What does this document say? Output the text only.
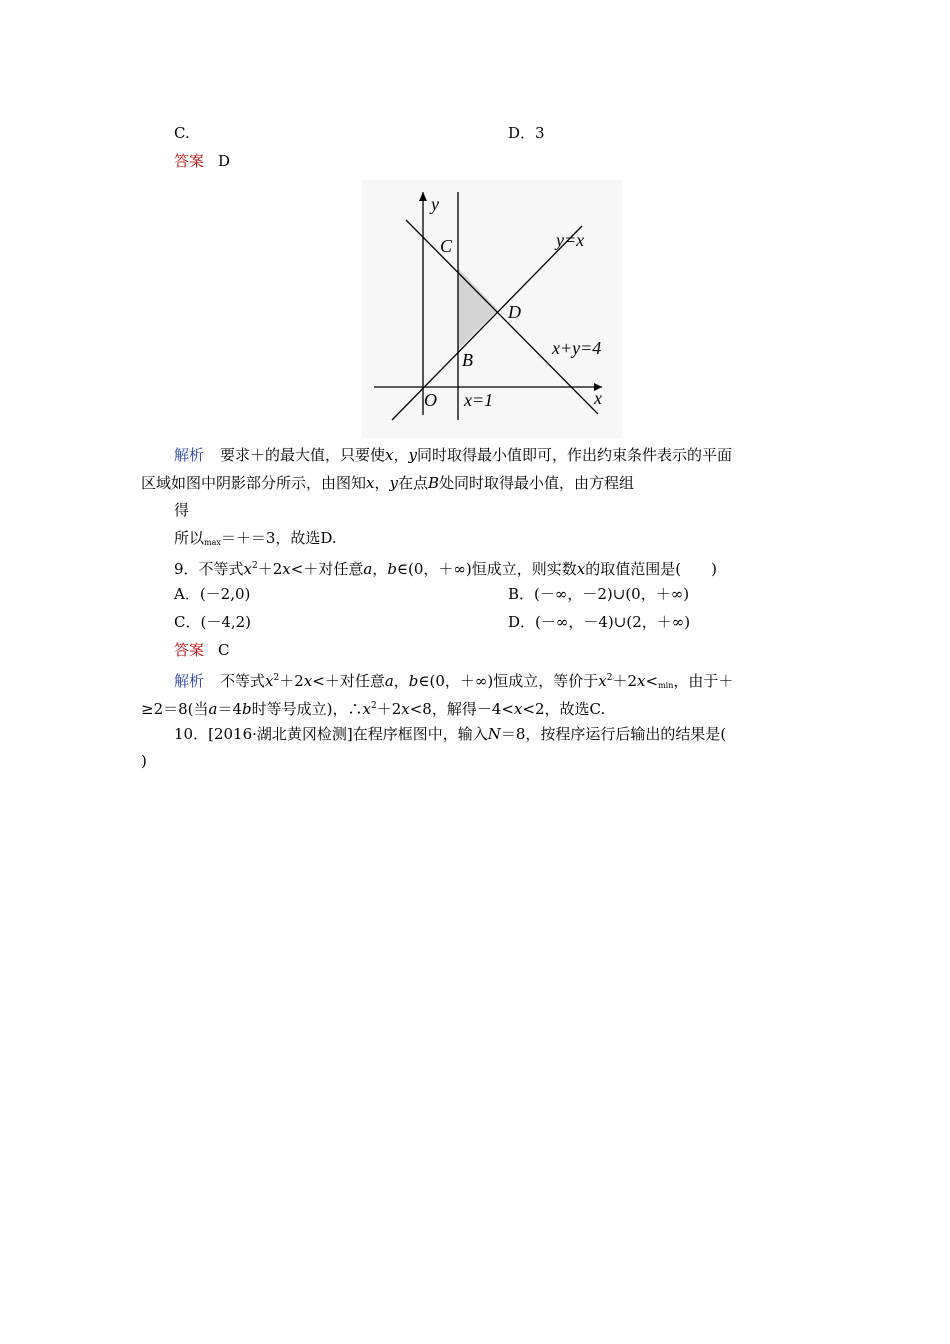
C.	D．3
答案 D
y
x
C
D
B
O
y=x
x+y=4
x=1
解析 要求＋的最大值，只要使x，y同时取得最小值即可，作出约束条件表示的平面
区域如图中阴影部分所示，由图知x，y在点B处同时取得最小值，由方程组
得
所以$_{max}$＝＋＝3，故选D.
9．不等式$x^2+2x<+$对任意a，b∈(0，＋∞)恒成立，则实数x的取值范围是(　　)
A．(－2,0)	B．(－∞，－2)∪(0，＋∞)
C．(－4,2)	D．(－∞，－4)∪(2，＋∞)
答案 C
解析 不等式$x^2+2x<+$对任意a，b∈(0，＋∞)恒成立，等价于$x^2+2x<_{min}$，由于＋
≥2＝8(当a＝4b时等号成立)，$\therefore x^2+2x<8$，解得－4<x<2，故选C.
10．[2016·湖北黄冈检测]在程序框图中，输入N＝8，按程序运行后输出的结果是(
)
